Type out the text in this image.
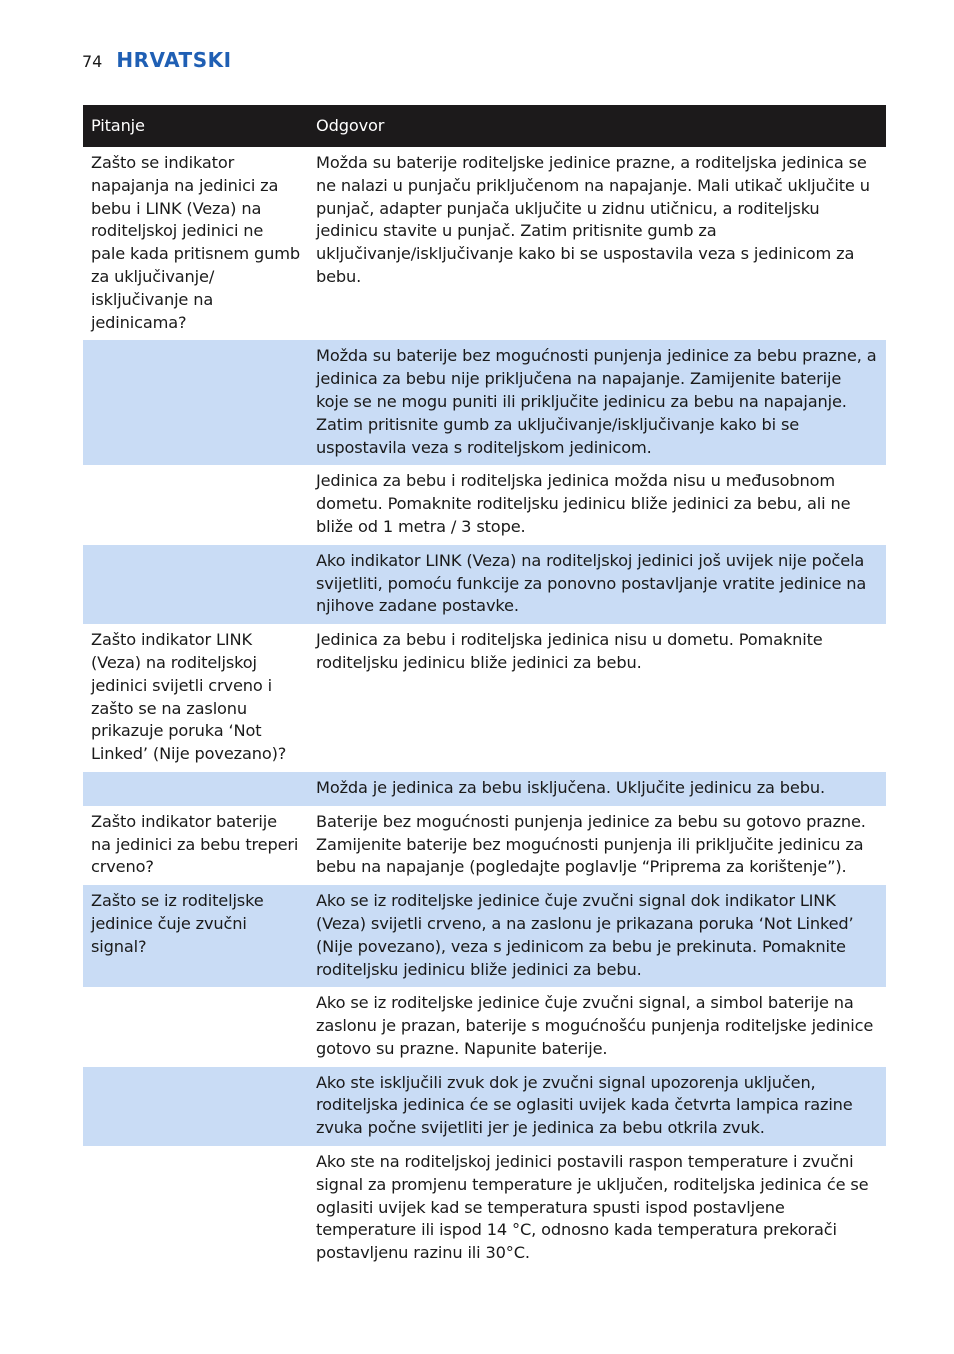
74 HRVATSKI
Pitanje	Odgovor
Zašto se indikator napajanja na jedinici za bebu i LINK (Veza) na roditeljskoj jedinici ne pale kada pritisnem gumb za uključivanje/ isključivanje na jedinicama?	Možda su baterije roditeljske jedinice prazne, a roditeljska jedinica se ne nalazi u punjaču priključenom na napajanje. Mali utikač uključite u punjač, adapter punjača uključite u zidnu utičnicu, a roditeljsku jedinicu stavite u punjač. Zatim pritisnite gumb za uključivanje/isključivanje kako bi se uspostavila veza s jedinicom za bebu.
	Možda su baterije bez mogućnosti punjenja jedinice za bebu prazne, a jedinica za bebu nije priključena na napajanje. Zamijenite baterije koje se ne mogu puniti ili priključite jedinicu za bebu na napajanje. Zatim pritisnite gumb za uključivanje/isključivanje kako bi se uspostavila veza s roditeljskom jedinicom.
	Jedinica za bebu i roditeljska jedinica možda nisu u međusobnom dometu. Pomaknite roditeljsku jedinicu bliže jedinici za bebu, ali ne bliže od 1 metra / 3 stope.
	Ako indikator LINK (Veza) na roditeljskoj jedinici još uvijek nije počela svijetliti, pomoću funkcije za ponovno postavljanje vratite jedinice na njihove zadane postavke.
Zašto indikator LINK (Veza) na roditeljskoj jedinici svijetli crveno i zašto se na zaslonu prikazuje poruka ‘Not Linked’ (Nije povezano)?	Jedinica za bebu i roditeljska jedinica nisu u dometu. Pomaknite roditeljsku jedinicu bliže jedinici za bebu.
	Možda je jedinica za bebu isključena. Uključite jedinicu za bebu.
Zašto indikator baterije na jedinici za bebu treperi crveno?	Baterije bez mogućnosti punjenja jedinice za bebu su gotovo prazne. Zamijenite baterije bez mogućnosti punjenja ili priključite jedinicu za bebu na napajanje (pogledajte poglavlje “Priprema za korištenje”).
Zašto se iz roditeljske jedinice čuje zvučni signal?	Ako se iz roditeljske jedinice čuje zvučni signal dok indikator LINK (Veza) svijetli crveno, a na zaslonu je prikazana poruka ‘Not Linked’ (Nije povezano), veza s jedinicom za bebu je prekinuta. Pomaknite roditeljsku jedinicu bliže jedinici za bebu.
	Ako se iz roditeljske jedinice čuje zvučni signal, a simbol baterije na zaslonu je prazan, baterije s mogućnošću punjenja roditeljske jedinice gotovo su prazne. Napunite baterije.
	Ako ste isključili zvuk dok je zvučni signal upozorenja uključen, roditeljska jedinica će se oglasiti uvijek kada četvrta lampica razine zvuka počne svijetliti jer je jedinica za bebu otkrila zvuk.
	Ako ste na roditeljskoj jedinici postavili raspon temperature i zvučni signal za promjenu temperature je uključen, roditeljska jedinica će se oglasiti uvijek kad se temperatura spusti ispod postavljene temperature ili ispod 14 °C, odnosno kada temperatura prekorači postavljenu razinu ili 30°C.
